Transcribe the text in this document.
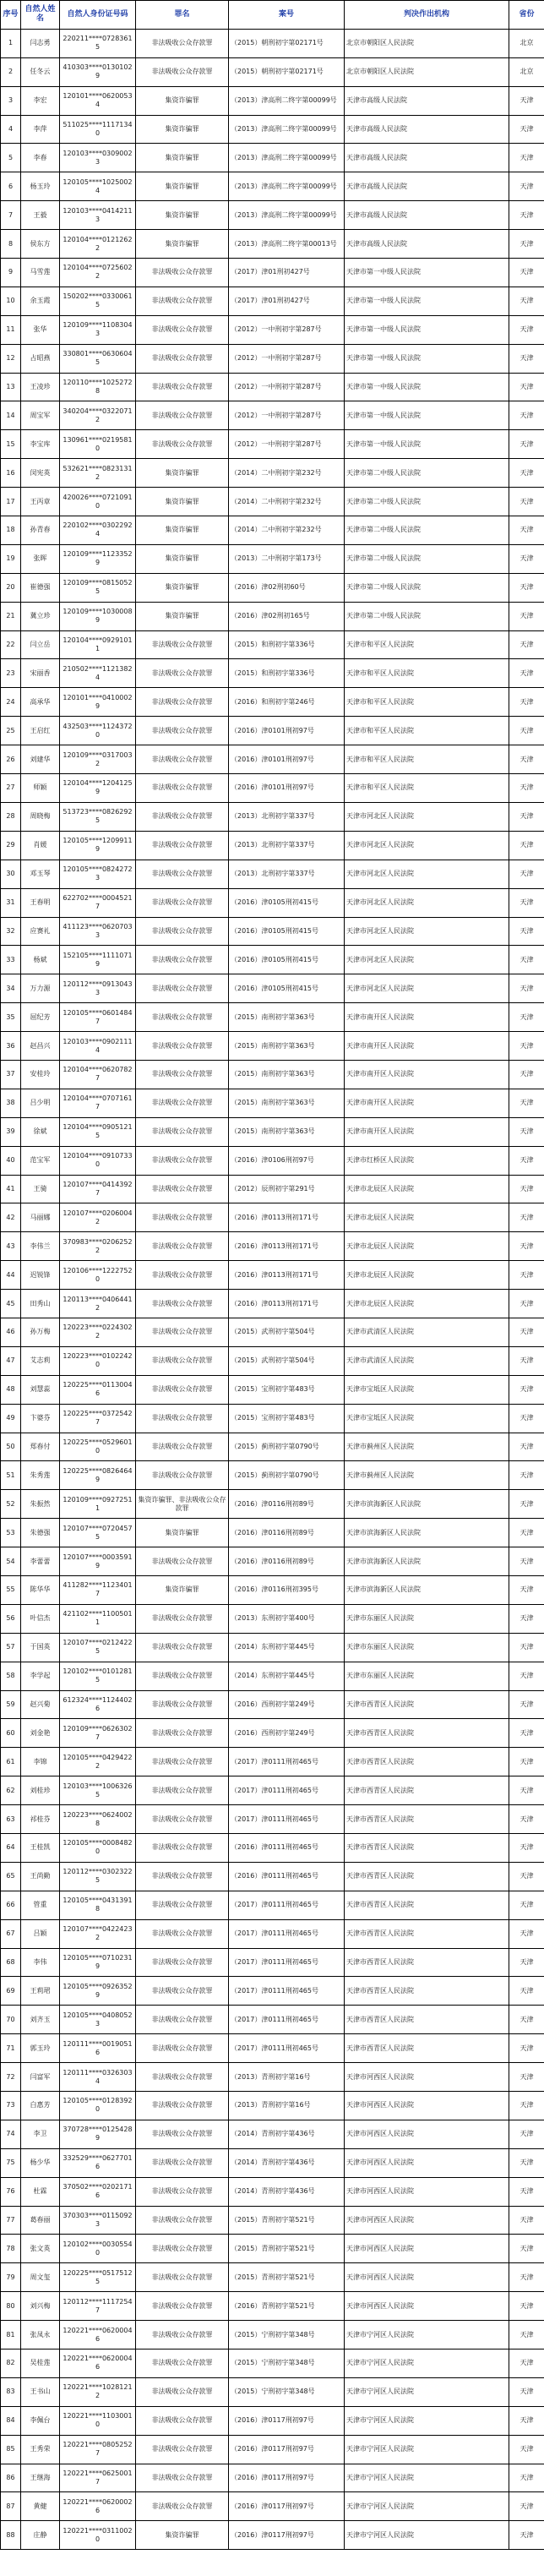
序号	自然人姓名	自然人身份证号码	罪名	案号	判决作出机构	省份
1	闫志勇	220211****07283615	非法吸收公众存款罪	（2015）朝刑初字第02171号	北京市朝阳区人民法院	北京
2	任冬云	410303****01301029	非法吸收公众存款罪	（2015）朝刑初字第02171号	北京市朝阳区人民法院	北京
3	李宏	120101****06200534	集资诈骗罪	（2013）津高刑二终字第00099号	天津市高级人民法院	天津
4	李萍	511025****11171340	集资诈骗罪	（2013）津高刑二终字第00099号	天津市高级人民法院	天津
5	李春	120103****03090023	集资诈骗罪	（2013）津高刑二终字第00099号	天津市高级人民法院	天津
6	杨玉玲	120105****10250024	集资诈骗罪	（2013）津高刑二终字第00099号	天津市高级人民法院	天津
7	王毅	120103****04142113	集资诈骗罪	（2013）津高刑二终字第00099号	天津市高级人民法院	天津
8	侯东方	120104****01212622	集资诈骗罪	（2013）津高刑二终字第00013号	天津市高级人民法院	天津
9	马雪莲	120104****07256022	非法吸收公众存款罪	（2017）津01刑初427号	天津市第一中级人民法院	天津
10	余玉霞	150202****03300615	非法吸收公众存款罪	（2017）津01刑初427号	天津市第一中级人民法院	天津
11	张华	120109****11083043	非法吸收公众存款罪	（2012）一中刑初字第287号	天津市第一中级人民法院	天津
12	占昭燕	330801****06306045	非法吸收公众存款罪	（2012）一中刑初字第287号	天津市第一中级人民法院	天津
13	王凌珍	120110****10252728	非法吸收公众存款罪	（2012）一中刑初字第287号	天津市第一中级人民法院	天津
14	周宝军	340204****03220712	非法吸收公众存款罪	（2012）一中刑初字第287号	天津市第一中级人民法院	天津
15	李宝库	130961****02195810	非法吸收公众存款罪	（2012）一中刑初字第287号	天津市第一中级人民法院	天津
16	闵宪英	532621****08231312	集资诈骗罪	（2014）二中刑初字第232号	天津市第二中级人民法院	天津
17	王丙章	420026****07210910	集资诈骗罪	（2014）二中刑初字第232号	天津市第二中级人民法院	天津
18	孙青春	220102****03022924	集资诈骗罪	（2014）二中刑初字第232号	天津市第二中级人民法院	天津
19	张晖	120109****11233529	集资诈骗罪	（2013）二中刑初字第173号	天津市第二中级人民法院	天津
20	崔德强	120109****08150525	集资诈骗罪	（2016）津02刑初60号	天津市第二中级人民法院	天津
21	冀立珍	120109****10300089	集资诈骗罪	（2016）津02刑初165号	天津市第二中级人民法院	天津
22	闫立岳	120104****09291011	非法吸收公众存款罪	（2015）和刑初字第336号	天津市和平区人民法院	天津
23	宋丽香	210502****11213824	非法吸收公众存款罪	（2015）和刑初字第336号	天津市和平区人民法院	天津
24	高承华	120101****04100029	非法吸收公众存款罪	（2016）和刑初字第246号	天津市和平区人民法院	天津
25	王启红	432503****11243720	非法吸收公众存款罪	（2016）津0101刑初97号	天津市和平区人民法院	天津
26	刘建华	120109****03170032	非法吸收公众存款罪	（2016）津0101刑初97号	天津市和平区人民法院	天津
27	师颖	120104****12041259	非法吸收公众存款罪	（2016）津0101刑初97号	天津市和平区人民法院	天津
28	周晓梅	513723****08262925	非法吸收公众存款罪	（2013）北刑初字第337号	天津市河北区人民法院	天津
29	肖媛	120105****12099119	非法吸收公众存款罪	（2013）北刑初字第337号	天津市河北区人民法院	天津
30	邓玉琴	120105****08242723	非法吸收公众存款罪	（2013）北刑初字第337号	天津市河北区人民法院	天津
31	王春明	622702****00045217	非法吸收公众存款罪	（2016）津0105刑初415号	天津市河北区人民法院	天津
32	应赛礼	411123****06207033	非法吸收公众存款罪	（2016）津0105刑初415号	天津市河北区人民法院	天津
33	杨斌	152105****11110719	非法吸收公众存款罪	（2016）津0105刑初415号	天津市河北区人民法院	天津
34	万力源	120112****09130433	非法吸收公众存款罪	（2016）津0105刑初415号	天津市河北区人民法院	天津
35	屈纪芳	120105****06014847	非法吸收公众存款罪	（2015）南刑初字第363号	天津市南开区人民法院	天津
36	赵昌兴	120103****09021114	非法吸收公众存款罪	（2015）南刑初字第363号	天津市南开区人民法院	天津
37	安桂玲	120104****06207827	非法吸收公众存款罪	（2015）南刑初字第363号	天津市南开区人民法院	天津
38	吕少明	120104****07071617	非法吸收公众存款罪	（2015）南刑初字第363号	天津市南开区人民法院	天津
39	徐斌	120104****09051215	非法吸收公众存款罪	（2015）南刑初字第363号	天津市南开区人民法院	天津
40	范宝军	120104****09107330	非法吸收公众存款罪	（2016）津0106刑初97号	天津市红桥区人民法院	天津
41	王骑	120107****04143927	非法吸收公众存款罪	（2012）辰刑初字第291号	天津市北辰区人民法院	天津
42	马丽娜	120107****02060042	非法吸收公众存款罪	（2016）津0113刑初171号	天津市北辰区人民法院	天津
43	李伟兰	370983****02062522	非法吸收公众存款罪	（2016）津0113刑初171号	天津市北辰区人民法院	天津
44	迟锐锋	120106****12227520	非法吸收公众存款罪	（2016）津0113刑初171号	天津市北辰区人民法院	天津
45	田秀山	120113****04064412	非法吸收公众存款罪	（2016）津0113刑初171号	天津市北辰区人民法院	天津
46	孙万梅	120223****02243022	非法吸收公众存款罪	（2015）武刑初字第504号	天津市武清区人民法院	天津
47	艾志莉	120223****01022420	非法吸收公众存款罪	（2015）武刑初字第504号	天津市武清区人民法院	天津
48	刘慧蕊	120225****01130046	非法吸收公众存款罪	（2015）宝刑初字第483号	天津市宝坻区人民法院	天津
49	卞婆芬	120225****03725427	非法吸收公众存款罪	（2015）宝刑初字第483号	天津市宝坻区人民法院	天津
50	郑春付	120225****05296010	非法吸收公众存款罪	（2015）蓟刑初字第0790号	天津市蓟州区人民法院	天津
51	朱秀莲	120225****08264649	非法吸收公众存款罪	（2015）蓟刑初字第0790号	天津市蓟州区人民法院	天津
52	朱振然	120109****09272511	集资诈骗罪、非法吸收公众存款罪	（2016）津0116刑初89号	天津市滨海新区人民法院	天津
53	朱德强	120107****07204575	集资诈骗罪	（2016）津0116刑初89号	天津市滨海新区人民法院	天津
54	李蕾蕾	120107****00035919	非法吸收公众存款罪	（2016）津0116刑初89号	天津市滨海新区人民法院	天津
55	陈华华	411282****11234017	集资诈骗罪	（2016）津0116刑初395号	天津市滨海新区人民法院	天津
56	叶信杰	421102****11005011	非法吸收公众存款罪	（2013）东刑初字第400号	天津市东丽区人民法院	天津
57	于国英	120107****02124225	非法吸收公众存款罪	（2014）东刑初字第445号	天津市东丽区人民法院	天津
58	李学起	120102****01012815	非法吸收公众存款罪	（2014）东刑初字第445号	天津市东丽区人民法院	天津
59	赵兴菊	612324****11244026	非法吸收公众存款罪	（2016）西刑初字第249号	天津市西青区人民法院	天津
60	刘金艳	120109****06263027	非法吸收公众存款罪	（2016）西刑初字第249号	天津市西青区人民法院	天津
61	李锦	120105****04294222	非法吸收公众存款罪	（2017）津0111刑初465号	天津市西青区人民法院	天津
62	刘桂珍	120103****10063265	非法吸收公众存款罪	（2017）津0111刑初465号	天津市西青区人民法院	天津
63	祁桂芬	120223****06240028	非法吸收公众存款罪	（2017）津0111刑初465号	天津市西青区人民法院	天津
64	王桂凯	120105****00084820	非法吸收公众存款罪	（2016）津0111刑初465号	天津市西青区人民法院	天津
65	王尚勤	120112****03023225	非法吸收公众存款罪	（2016）津0111刑初465号	天津市西青区人民法院	天津
66	管重	120105****04313918	非法吸收公众存款罪	（2017）津0111刑初465号	天津市西青区人民法院	天津
67	吕颖	120107****04224232	非法吸收公众存款罪	（2017）津0111刑初465号	天津市西青区人民法院	天津
68	李伟	120105****07102319	非法吸收公众存款罪	（2017）津0111刑初465号	天津市西青区人民法院	天津
69	王莉珺	120105****09263529	非法吸收公众存款罪	（2017）津0111刑初465号	天津市西青区人民法院	天津
70	刘齐玉	120105****04080523	非法吸收公众存款罪	（2017）津0111刑初465号	天津市西青区人民法院	天津
71	郭玉玲	120111****00190516	非法吸收公众存款罪	（2017）津0111刑初465号	天津市西青区人民法院	天津
72	闫富军	120111****03263034	非法吸收公众存款罪	（2013）青刑初字第16号	天津市河西区人民法院	天津
73	白惠芳	120105****01283920	非法吸收公众存款罪	（2013）青刑初字第16号	天津市河西区人民法院	天津
74	李卫	370728****01254289	非法吸收公众存款罪	（2014）青刑初字第436号	天津市河西区人民法院	天津
75	杨少华	332529****06277016	非法吸收公众存款罪	（2014）青刑初字第436号	天津市河西区人民法院	天津
76	杜霖	370502****02021716	非法吸收公众存款罪	（2014）青刑初字第436号	天津市河西区人民法院	天津
77	葛春丽	370303****01150923	非法吸收公众存款罪	（2015）青刑初字第521号	天津市河西区人民法院	天津
78	张文英	120102****00305540	非法吸收公众存款罪	（2015）青刑初字第521号	天津市河西区人民法院	天津
79	周文玺	120225****05175125	非法吸收公众存款罪	（2015）青刑初字第521号	天津市河西区人民法院	天津
80	刘兴梅	120112****11172547	非法吸收公众存款罪	（2016）青刑初字第521号	天津市河西区人民法院	天津
81	张凤永	120221****06200046	非法吸收公众存款罪	（2015）宁刑初字第348号	天津市宁河区人民法院	天津
82	吴桂莲	120221****06200046	非法吸收公众存款罪	（2015）宁刑初字第348号	天津市宁河区人民法院	天津
83	王书山	120221****10281212	非法吸收公众存款罪	（2015）宁刑初字第348号	天津市宁河区人民法院	天津
84	李佩台	120221****11030010	非法吸收公众存款罪	（2016）津0117刑初97号	天津市宁河区人民法院	天津
85	王秀荣	120221****08052527	非法吸收公众存款罪	（2016）津0117刑初97号	天津市宁河区人民法院	天津
86	王继海	120221****06250017	非法吸收公众存款罪	（2016）津0117刑初97号	天津市宁河区人民法院	天津
87	黄健	120221****06200026	非法吸收公众存款罪	（2016）津0117刑初97号	天津市宁河区人民法院	天津
88	庄静	120221****03110020	集资诈骗罪	（2016）津0117刑初97号	天津市宁河区人民法院	天津
